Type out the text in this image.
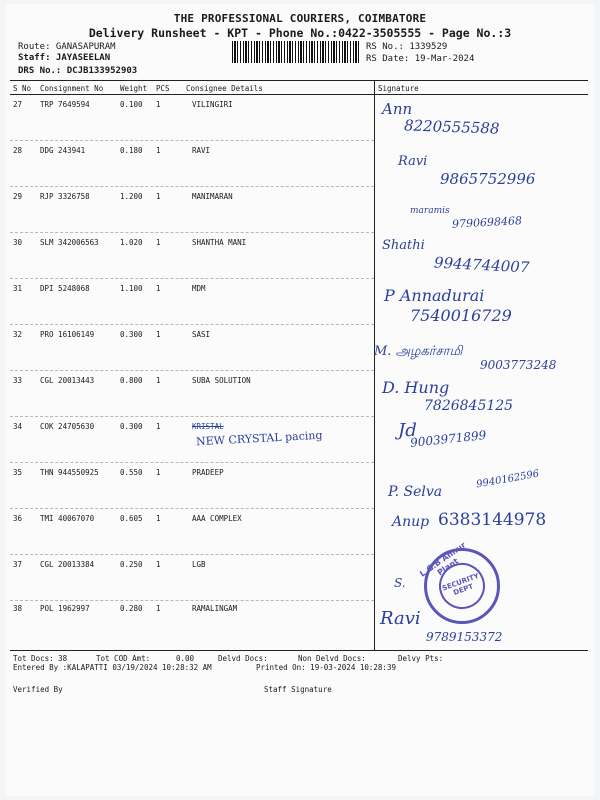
THE PROFESSIONAL COURIERS, COIMBATORE
Delivery Runsheet - KPT - Phone No.:0422-3505555 - Page No.:3
Route: GANASAPURAM
Staff: JAYASEELAN
DRS No.: DCJB133952903
RS No.: 1339529
RS Date: 19-Mar-2024
S No Consignment No Weight PCS Consignee Details	Signature
27 TRP 7649594	0.100 1	VILINGIRI	Ann
8220555588
28 DDG 243941	0.180 1	RAVI
Ravi
9865752996
29 RJP 3326758	1.200 1	MANIMARAN
maramis
9790698468
30 SLM 342006563	1.020 1	SHANTHA MANI	Shathi
9944744007
31 DPI 5248068	1.100 1	MDM	P Annadurai
7540016729
32 PRO 16106149	0.300 1	SASI
M. அழகர்சாமி
9003773248
33 CGL 20013443	0.800 1	SUBA SOLUTION	D. Hung
7826845125
34 COK 24705630	0.300 1	KRISTAL
NEW CRYSTAL pacing	Jd
9003971899
35 THN 944550925	0.550 1	PRADEEP
P. Selva
9940162596
36 TMI 40067070	0.605 1	AAA COMPLEX	Anup 6383144978
37 CGL 20013384	0.250 1	LGB
S.
38 POL 1962997	0.280 1	RAMALINGAM	Ravi
9789153372
L.G.B Annur Plant
SECURITY DEPT
Tot Docs: 38	Tot COD Amt:	0.00	Delvd Docs:	Non Delvd Docs:	Delvy Pts:
Entered By :KALAPATTI 03/19/2024 10:28:32 AM	Printed On: 19-03-2024 10:28:39
Verified By	Staff Signature
